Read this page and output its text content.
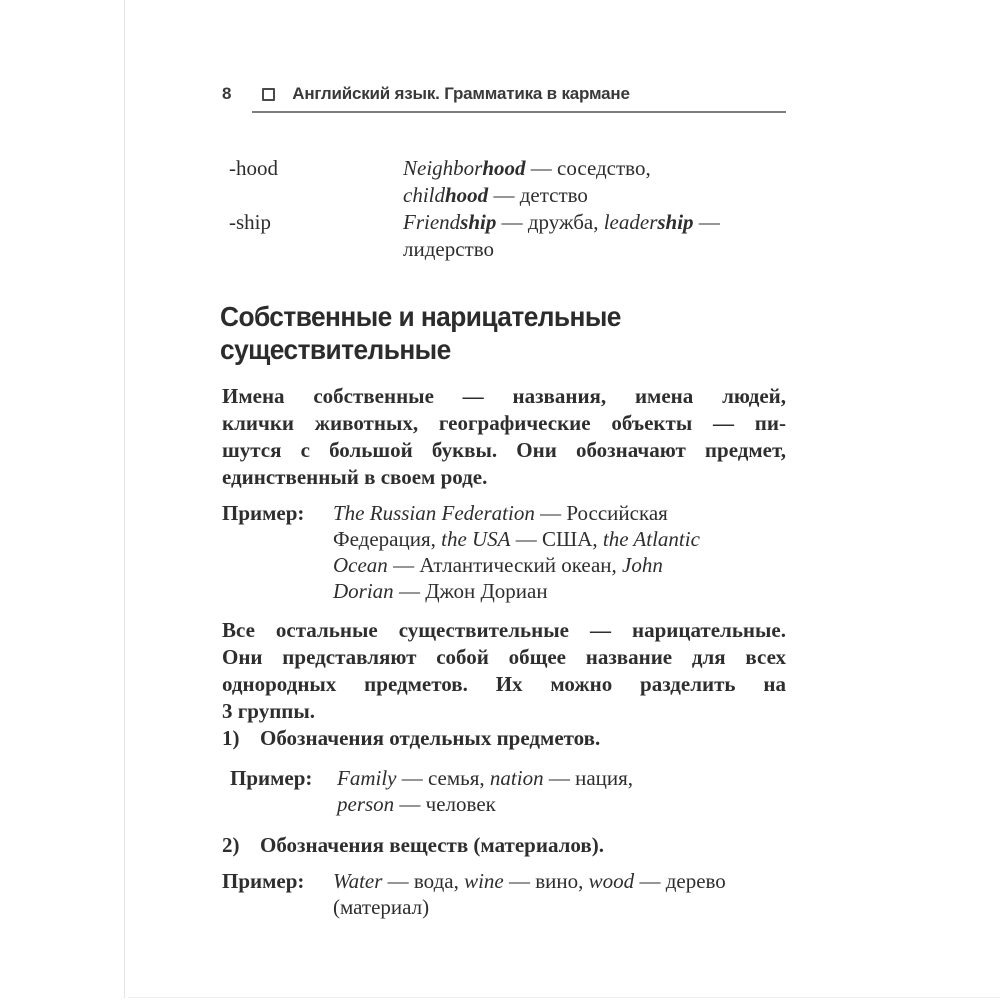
8	Английский язык. Грамматика в кармане
-hood	Neighborhood — соседство,
childhood — детство
-ship	Friendship — дружба, leadership —
лидерство
Собственные и нарицательные
существительные
Имена собственные — названия, имена людей,
клички животных, географические объекты — пи-
шутся с большой буквы. Они обозначают предмет,
единственный в своем роде.
Пример:	The Russian Federation — Российская
Федерация, the USA — США, the Atlantic
Ocean — Атлантический океан, John
Dorian — Джон Дориан
Все остальные существительные — нарицательные.
Они представляют собой общее название для всех
однородных предметов. Их можно разделить на
3 группы.
1) Обозначения отдельных предметов.
Пример:	Family — семья, nation — нация,
person — человек
2) Обозначения веществ (материалов).
Пример:	Water — вода, wine — вино, wood — дерево
(материал)
